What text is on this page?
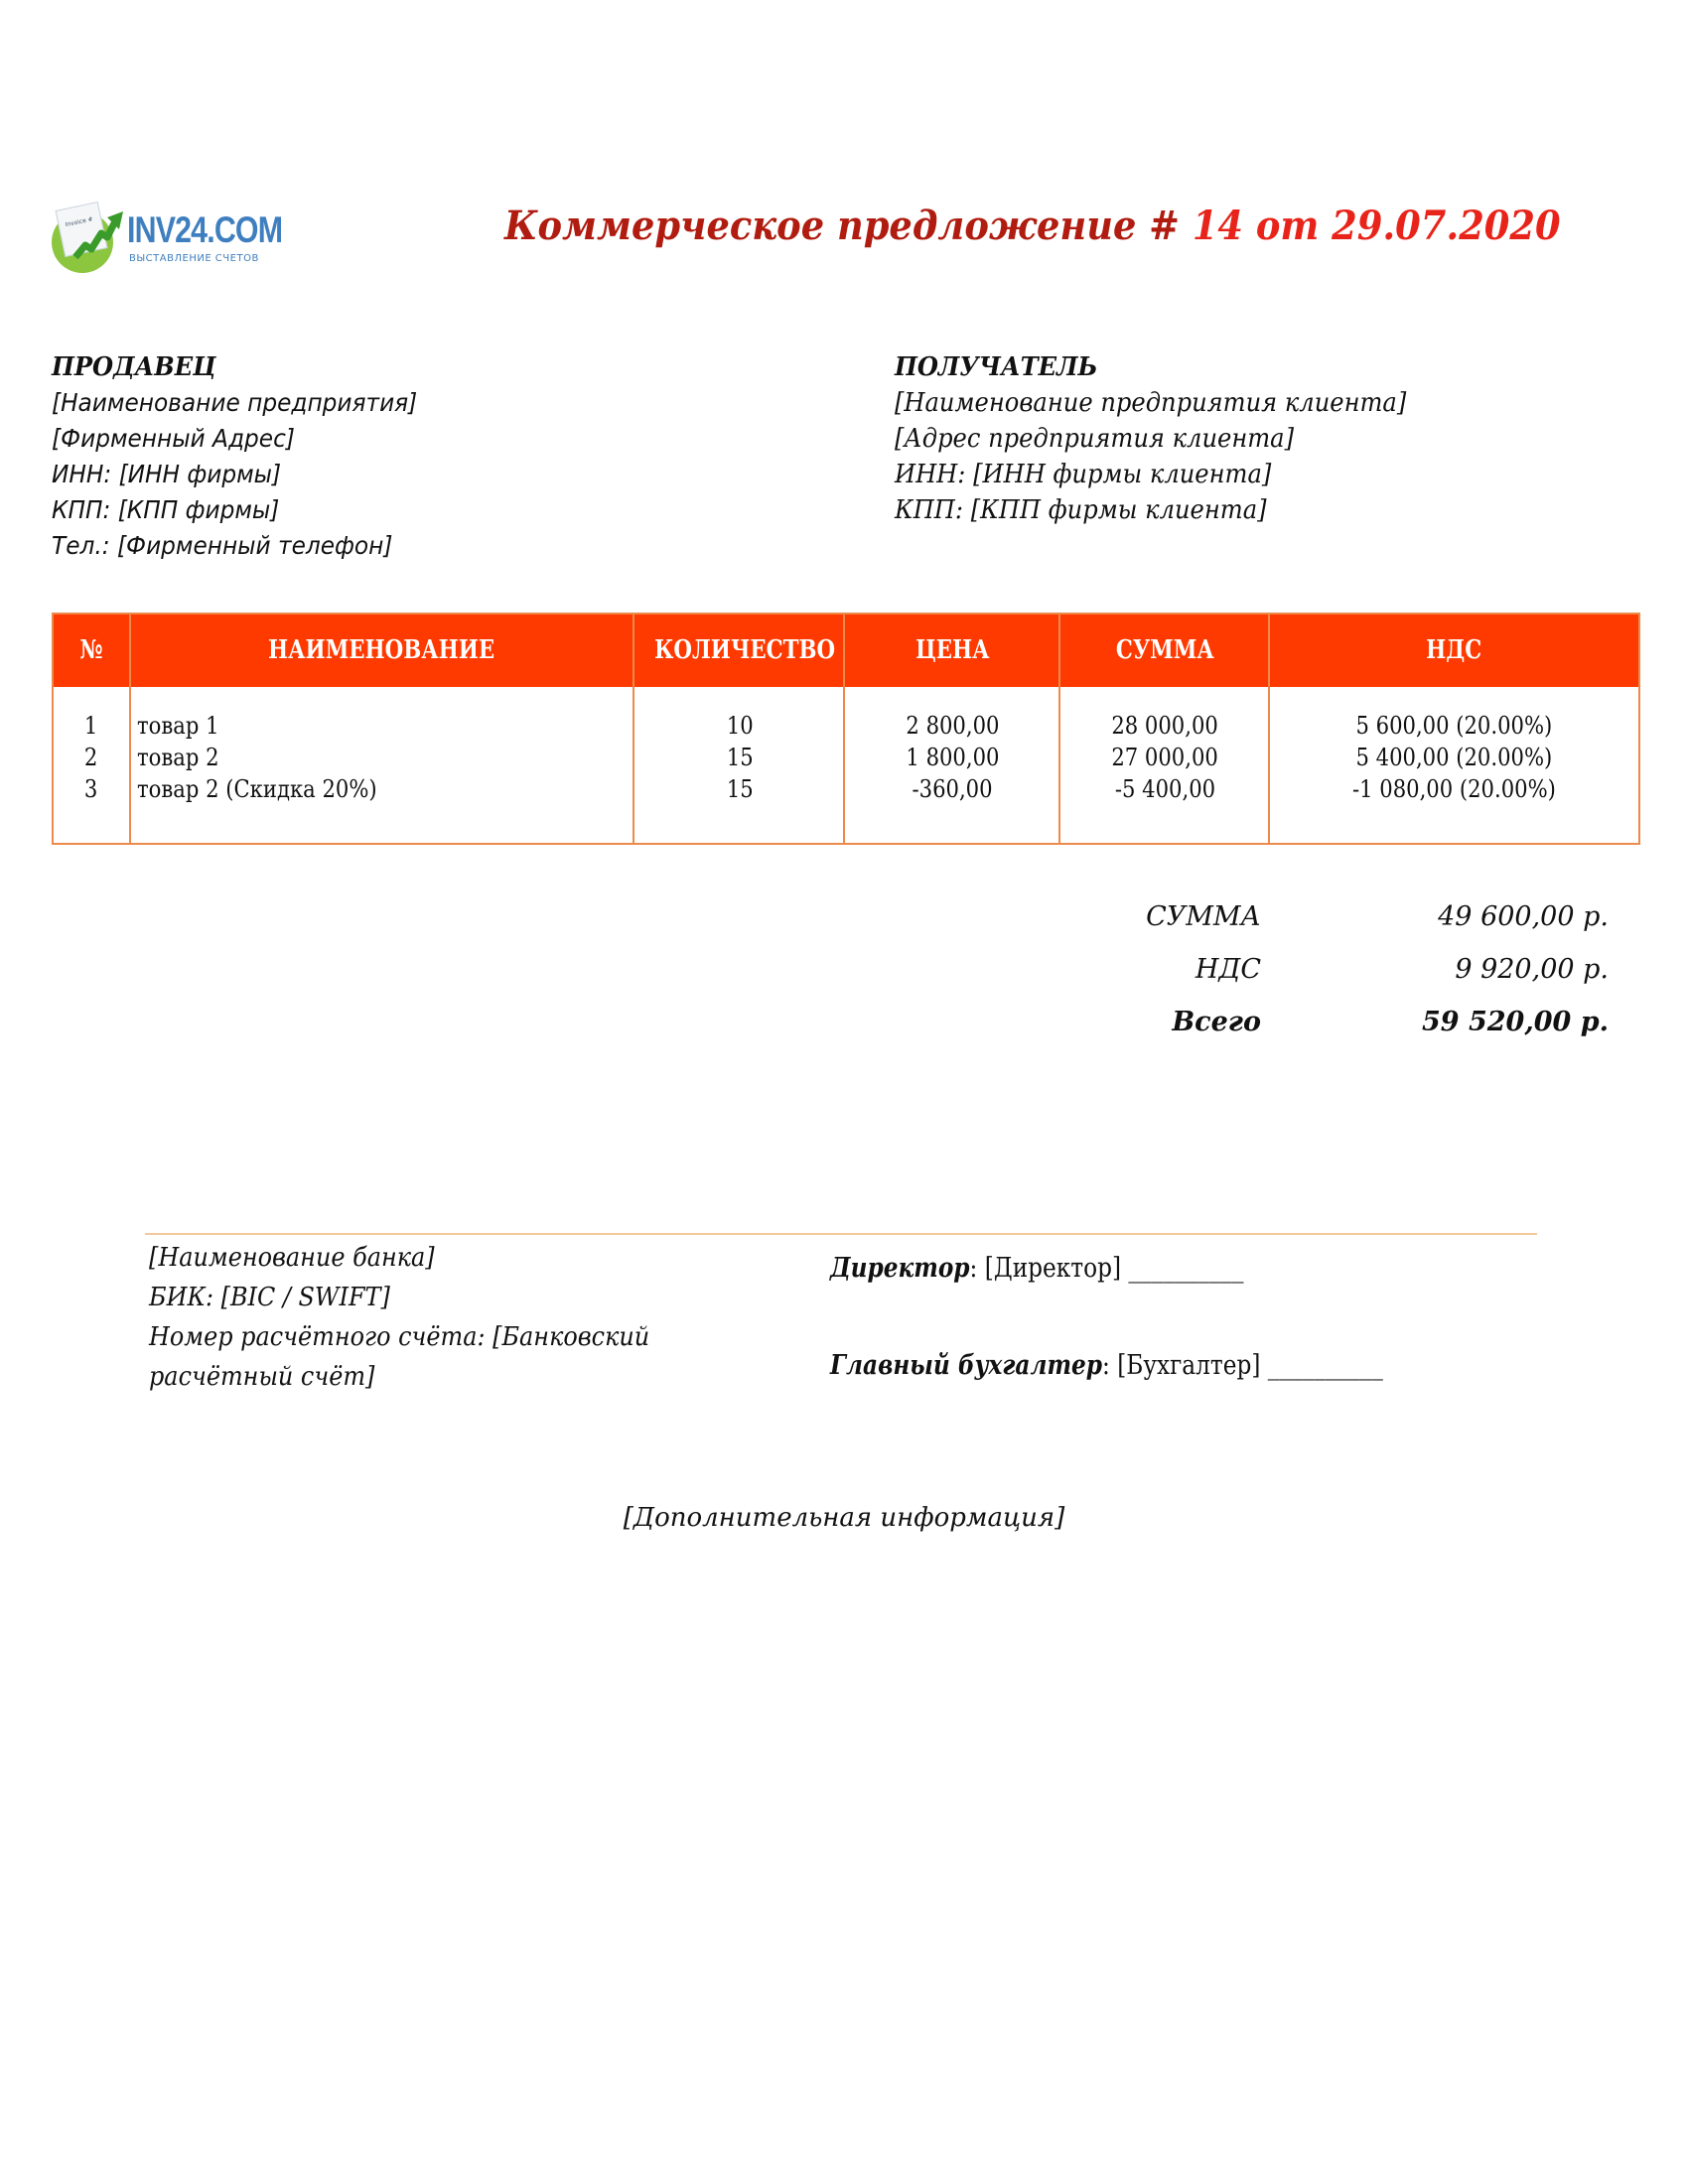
Invoice # INV24.COM
ВЫСТАВЛЕНИЕ СЧЕТОВ
Коммерческое предложение # 14 от 29.07.2020
ПРОДАВЕЦ
[Наименование предприятия]
[Фирменный Адрес]
ИНН: [ИНН фирмы]
КПП: [КПП фирмы]
Тел.: [Фирменный телефон]
ПОЛУЧАТЕЛЬ
[Наименование предприятия клиента]
[Адрес предприятия клиента]
ИНН: [ИНН фирмы клиента]
КПП: [КПП фирмы клиента]
№	НАИМЕНОВАНИЕ	КОЛИЧЕСТВО	ЦЕНА	СУММА	НДС
1	товар 1	10	2 800,00	28 000,00	5 600,00 (20.00%)
2	товар 2	15	1 800,00	27 000,00	5 400,00 (20.00%)
3	товар 2 (Скидка 20%)	15	-360,00	-5 400,00	-1 080,00 (20.00%)
СУММА	49 600,00 р.
НДС	9 920,00 р.
Всего	59 520,00 р.
[Наименование банка]
БИК: [BIC / SWIFT]
Номер расчётного счёта: [Банковский
расчётный счёт]
Директор: [Директор] __________
Главный бухгалтер: [Бухгалтер] __________
[Дополнительная информация]
